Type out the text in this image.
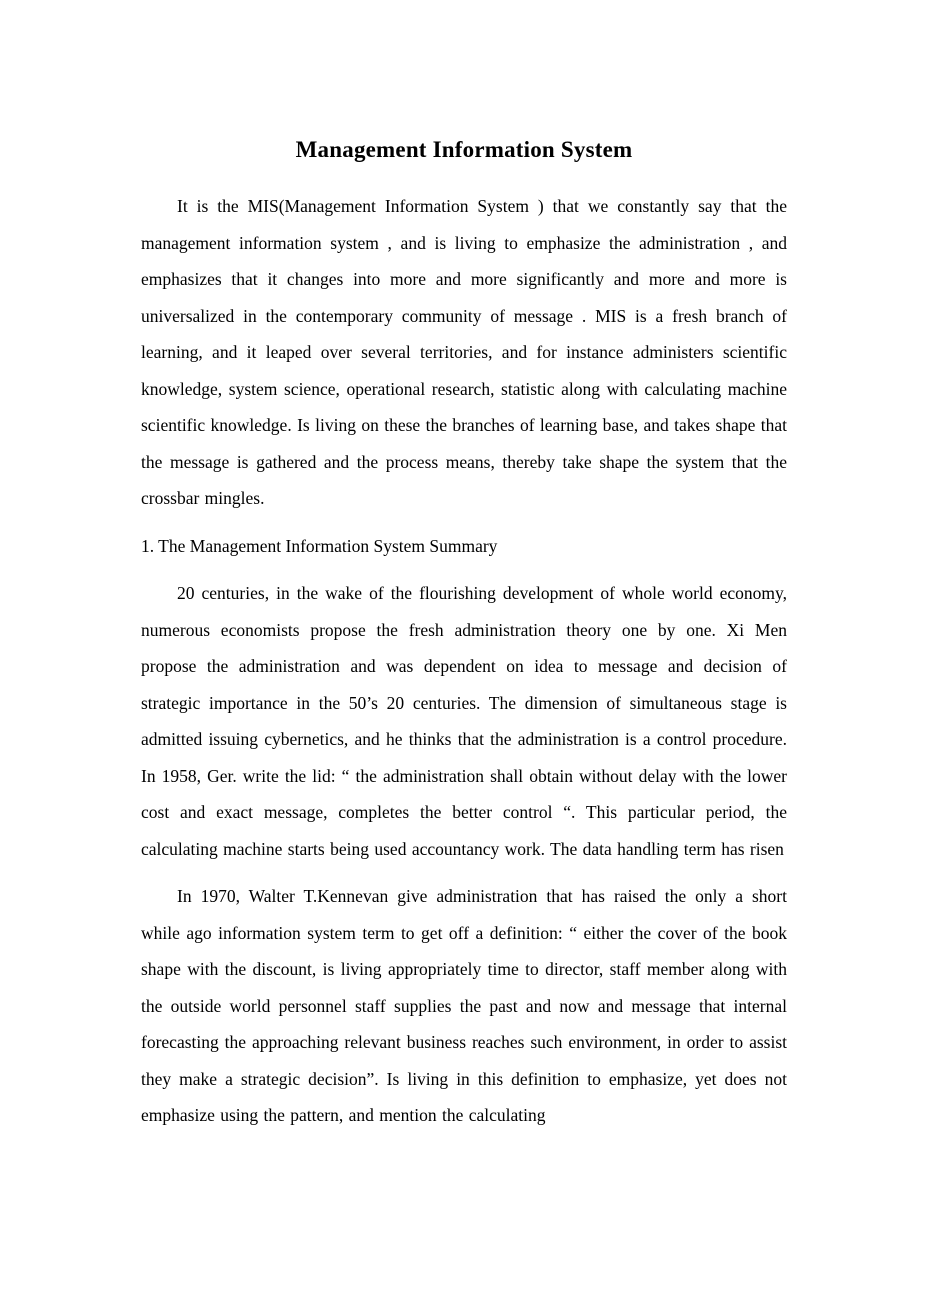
Management Information System

It is the MIS(Management Information System ) that we constantly say that the management information system , and is living to emphasize the administration , and emphasizes that it changes into more and more significantly and more and more is universalized in the contemporary community of message . MIS is a fresh branch of learning, and it leaped over several territories, and for instance administers scientific knowledge, system science, operational research, statistic along with calculating machine scientific knowledge. Is living on these the branches of learning base, and takes shape that the message is gathered and the process means, thereby take shape the system that the crossbar mingles.

1. The Management Information System Summary

20 centuries, in the wake of the flourishing development of whole world economy, numerous economists propose the fresh administration theory one by one. Xi Men propose the administration and was dependent on idea to message and decision of strategic importance in the 50’s 20 centuries. The dimension of simultaneous stage is admitted issuing cybernetics, and he thinks that the administration is a control procedure. In 1958, Ger. write the lid: “ the administration shall obtain without delay with the lower cost and exact message, completes the better control “. This particular period, the calculating machine starts being used accountancy work. The data handling term has risen

In 1970, Walter T.Kennevan give administration that has raised the only a short while ago information system term to get off a definition: “ either the cover of the book shape with the discount, is living appropriately time to director, staff member along with the outside world personnel staff supplies the past and now and message that internal forecasting the approaching relevant business reaches such environment, in order to assist they make a strategic decision”. Is living in this definition to emphasize, yet does not emphasize using the pattern, and mention the calculating
